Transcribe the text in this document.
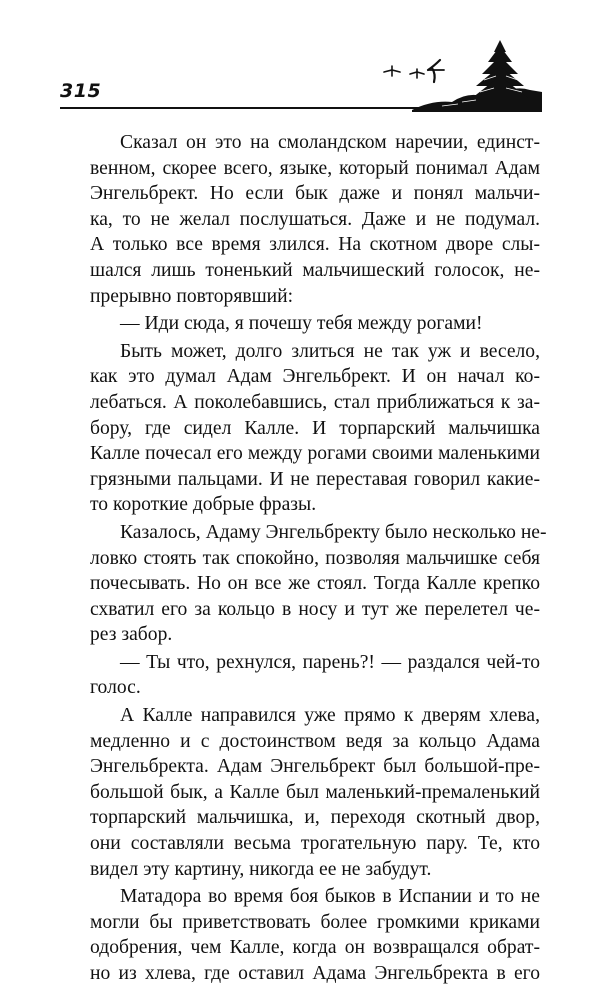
315

Сказал он это на смоландском наречии, единст-
венном, скорее всего, языке, который понимал Адам
Энгельбрект. Но если бык даже и понял мальчи-
ка, то не желал послушаться. Даже и не подумал.
А только все время злился. На скотном дворе слы-
шался лишь тоненький мальчишеский голосок, не-
прерывно повторявший:

— Иди сюда, я почешу тебя между рогами!

Быть может, долго злиться не так уж и весело,
как это думал Адам Энгельбрект. И он начал ко-
лебаться. А поколебавшись, стал приближаться к за-
бору, где сидел Калле. И торпарский мальчишка
Калле почесал его между рогами своими маленькими
грязными пальцами. И не переставая говорил какие-
то короткие добрые фразы.

Казалось, Адаму Энгельбректу было несколько не-
ловко стоять так спокойно, позволяя мальчишке себя
почесывать. Но он все же стоял. Тогда Калле крепко
схватил его за кольцо в носу и тут же перелетел че-
рез забор.

— Ты что, рехнулся, парень?! — раздался чей-то
голос.

А Калле направился уже прямо к дверям хлева,
медленно и с достоинством ведя за кольцо Адама
Энгельбректа. Адам Энгельбрект был большой-пре-
большой бык, а Калле был маленький-премаленький
торпарский мальчишка, и, переходя скотный двор,
они составляли весьма трогательную пару. Те, кто
видел эту картину, никогда ее не забудут.

Матадора во время боя быков в Испании и то не
могли бы приветствовать более громкими криками
одобрения, чем Калле, когда он возвращался обрат-
но из хлева, где оставил Адама Энгельбректа в его
